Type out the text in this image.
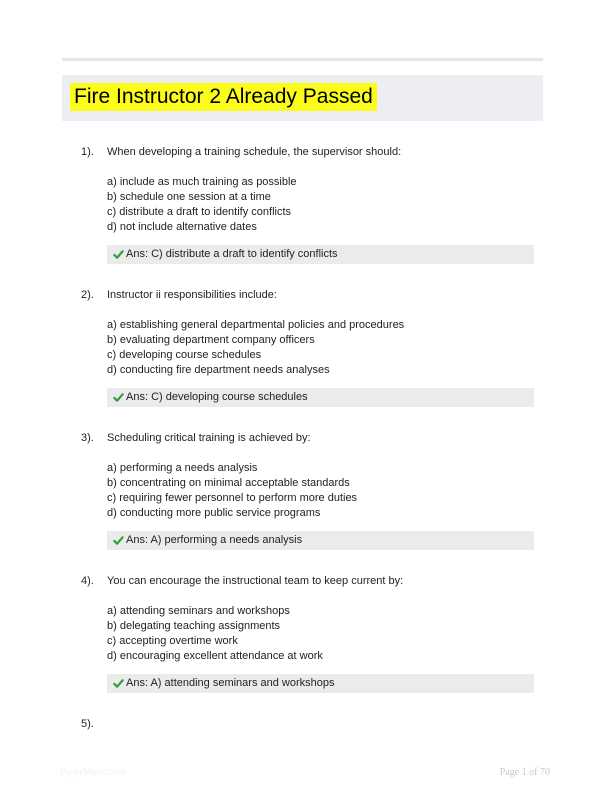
Fire Instructor 2 Already Passed
1). When developing a training schedule, the supervisor should:
a) include as much training as possible
b) schedule one session at a time
c) distribute a draft to identify conflicts
d) not include alternative dates
Ans: C) distribute a draft to identify conflicts
2). Instructor ii responsibilities include:
a) establishing general departmental policies and procedures
b) evaluating department company officers
c) developing course schedules
d) conducting fire department needs analyses
Ans: C) developing course schedules
3). Scheduling critical training is achieved by:
a) performing a needs analysis
b) concentrating on minimal acceptable standards
c) requiring fewer personnel to perform more duties
d) conducting more public service programs
Ans: A) performing a needs analysis
4). You can encourage the instructional team to keep current by:
a) attending seminars and workshops
b) delegating teaching assignments
c) accepting overtime work
d) encouraging excellent attendance at work
Ans: A) attending seminars and workshops
5).
PaperMatic.com	Page 1 of 70
